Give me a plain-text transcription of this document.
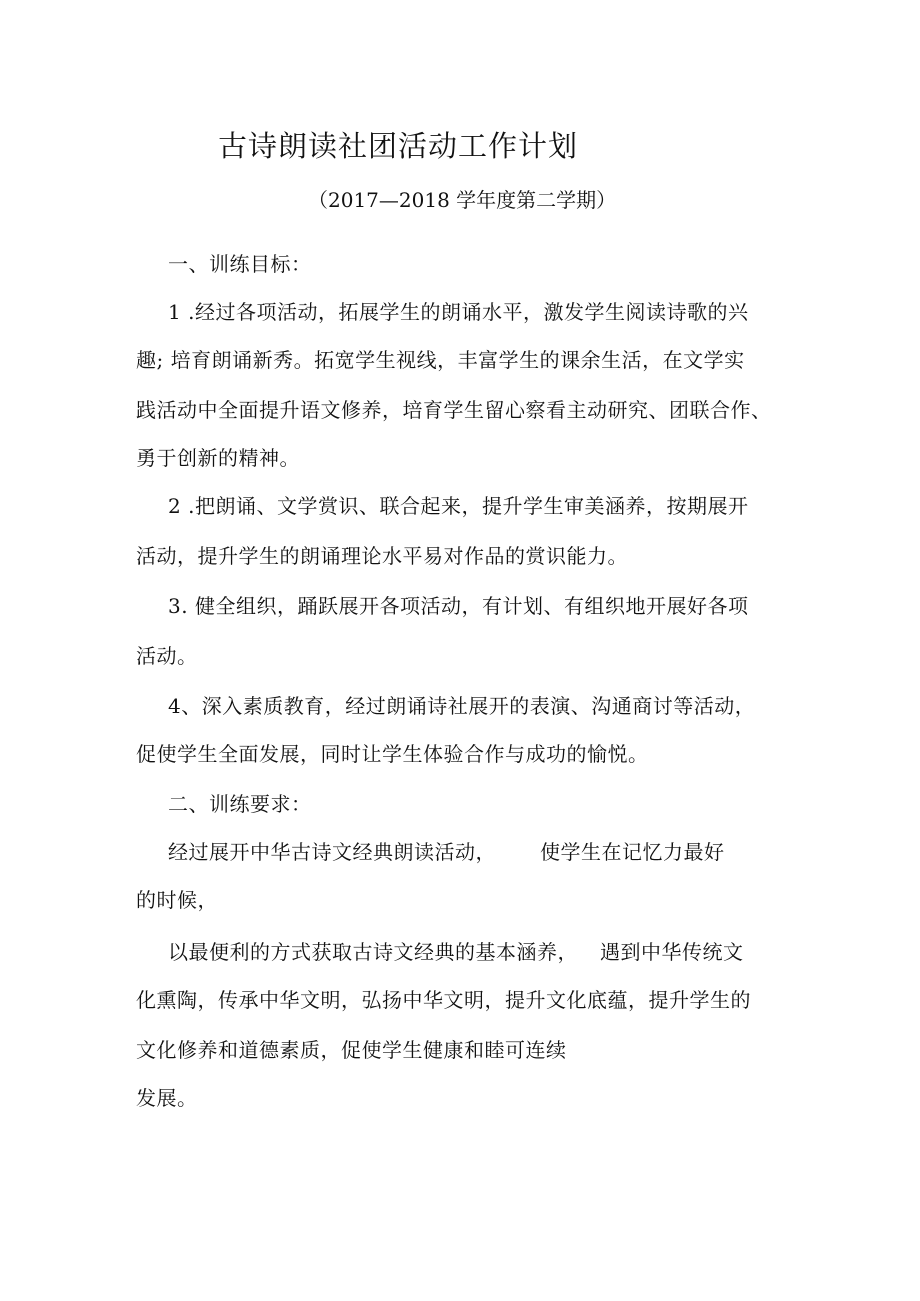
古诗朗读社团活动工作计划
（2017—2018 学年度第二学期）
一、训练目标：
1 .经过各项活动，拓展学生的朗诵水平，激发学生阅读诗歌的兴
趣; 培育朗诵新秀。拓宽学生视线，丰富学生的课余生活，在文学实
践活动中全面提升语文修养，培育学生留心察看主动研究、团联合作、
勇于创新的精神。
2 .把朗诵、文学赏识、联合起来，提升学生审美涵养，按期展开
活动，提升学生的朗诵理论水平易对作品的赏识能力。
3. 健全组织，踊跃展开各项活动，有计划、有组织地开展好各项
活动。
4、深入素质教育，经过朗诵诗社展开的表演、沟通商讨等活动，
促使学生全面发展，同时让学生体验合作与成功的愉悦。
二、训练要求：
经过展开中华古诗文经典朗读活动， 使学生在记忆力最好
的时候，
以最便利的方式获取古诗文经典的基本涵养， 遇到中华传统文
化熏陶，传承中华文明，弘扬中华文明，提升文化底蕴，提升学生的
文化修养和道德素质，促使学生健康和睦可连续
发展。
